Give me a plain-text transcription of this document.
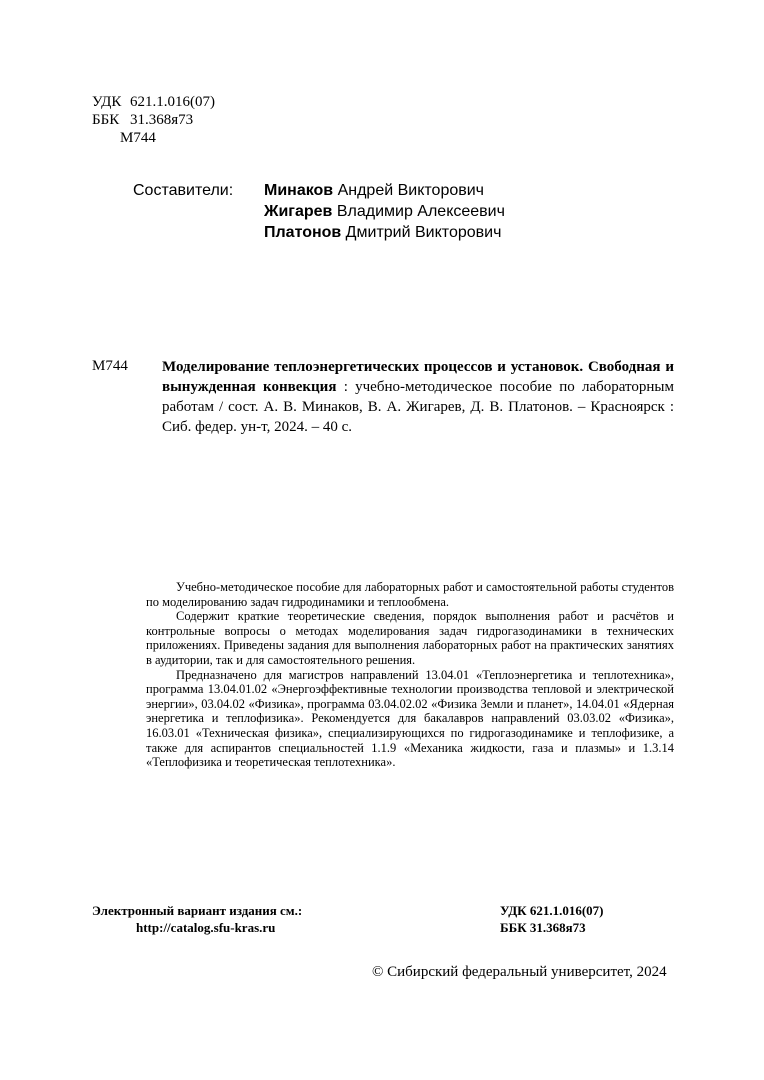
УДК 621.1.016(07)
ББК 31.368я73
М744
Составители: Минаков Андрей Викторович
Жигарев Владимир Алексеевич
Платонов Дмитрий Викторович
М744 Моделирование теплоэнергетических процессов и установок. Свободная и вынужденная конвекция : учебно-методическое пособие по лабораторным работам / сост. А. В. Минаков, В. А. Жигарев, Д. В. Платонов. – Красноярск : Сиб. федер. ун-т, 2024. – 40 с.

Учебно-методическое пособие для лабораторных работ и самостоятельной работы студентов по моделированию задач гидродинамики и теплообмена.

Содержит краткие теоретические сведения, порядок выполнения работ и расчётов и контрольные вопросы о методах моделирования задач гидрогазодинамики в технических приложениях. Приведены задания для выполнения лабораторных работ на практических занятиях в аудитории, так и для самостоятельного решения.

Предназначено для магистров направлений 13.04.01 «Теплоэнергетика и теплотехника», программа 13.04.01.02 «Энергоэффективные технологии производства тепловой и электрической энергии», 03.04.02 «Физика», программа 03.04.02.02 «Физика Земли и планет», 14.04.01 «Ядерная энергетика и теплофизика». Рекомендуется для бакалавров направлений 03.03.02 «Физика», 16.03.01 «Техническая физика», специализирующихся по гидрогазодинамике и теплофизике, а также для аспирантов специальностей 1.1.9 «Механика жидкости, газа и плазмы» и 1.3.14 «Теплофизика и теоретическая теплотехника».

Электронный вариант издания см.:
http://catalog.sfu-kras.ru
УДК 621.1.016(07)
ББК 31.368я73
© Сибирский федеральный университет, 2024
